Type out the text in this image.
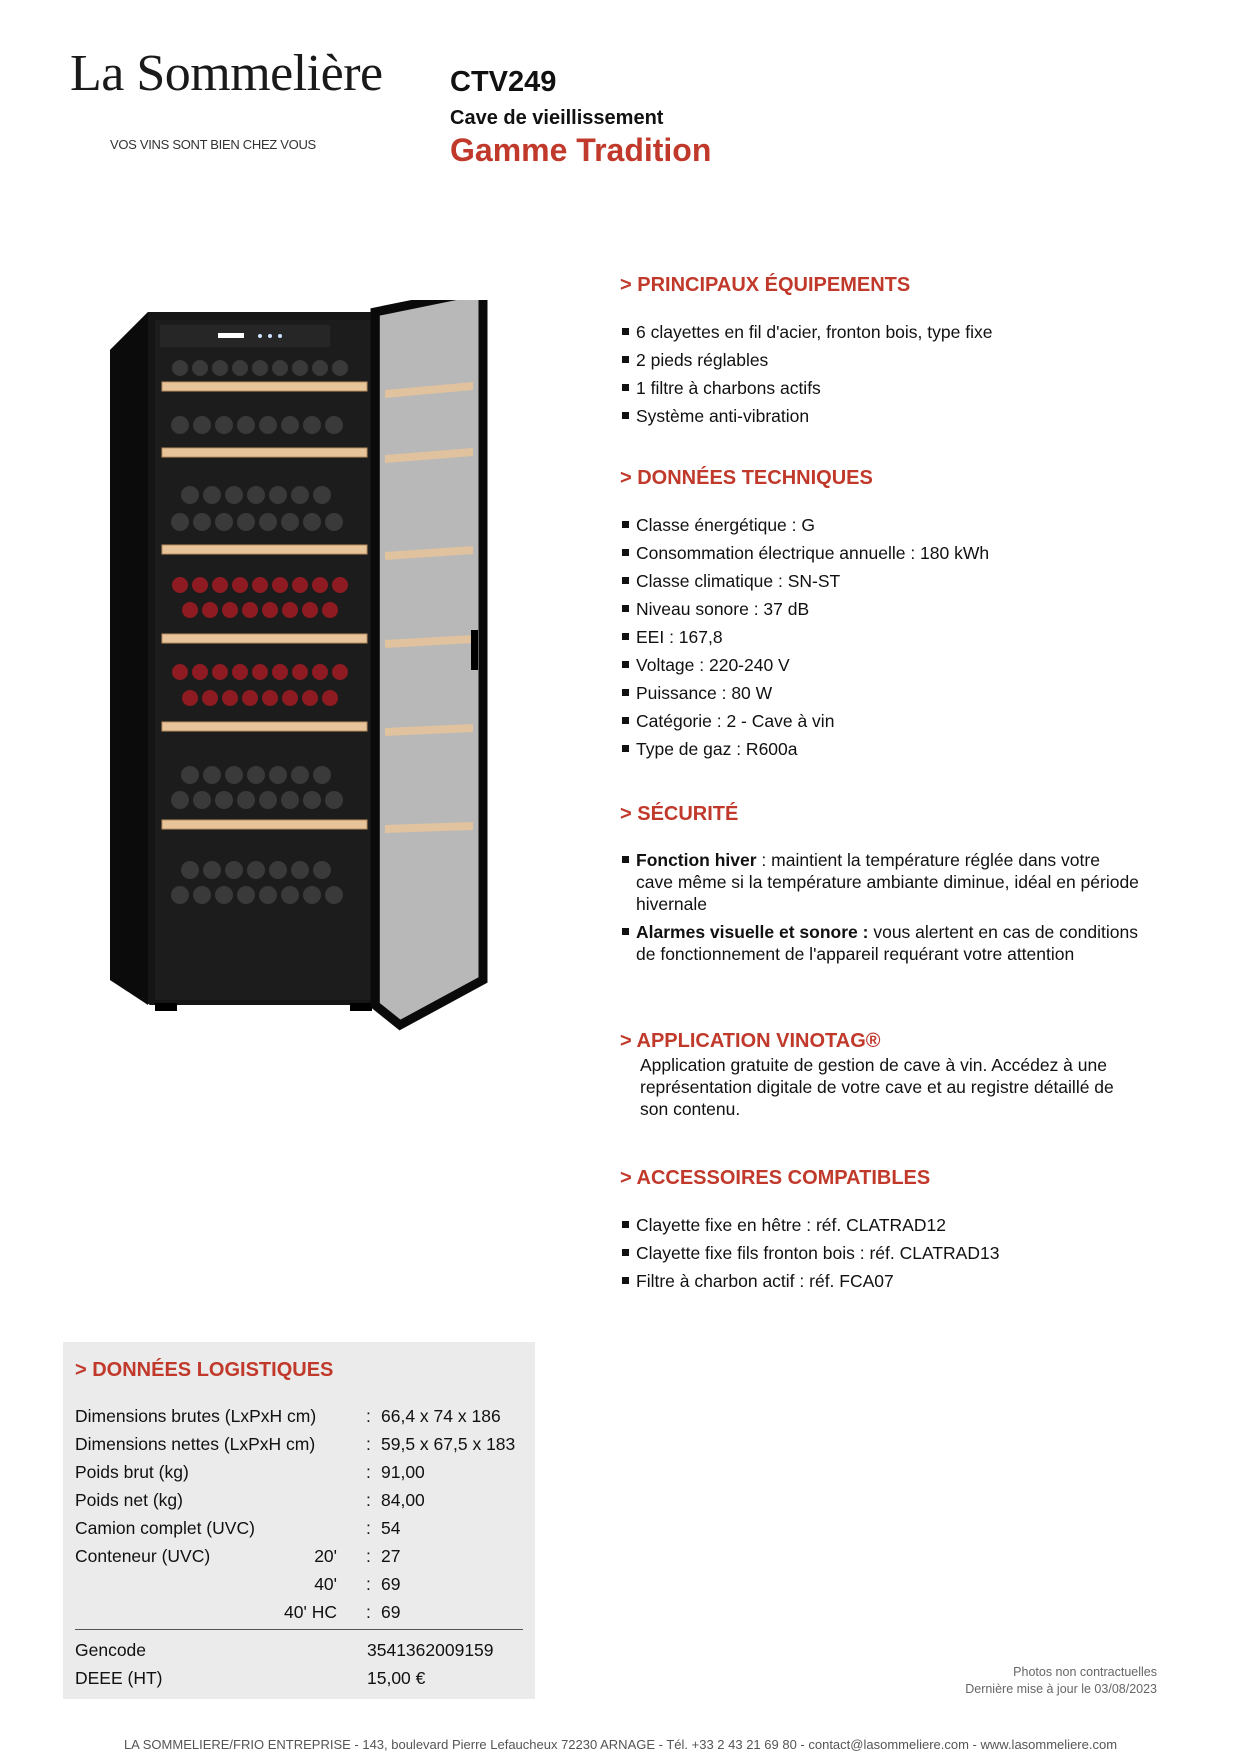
La Sommelière
VOS VINS SONT BIEN CHEZ VOUS
CTV249
Cave de vieillissement
Gamme Tradition
> PRINCIPAUX ÉQUIPEMENTS
6 clayettes en fil d'acier, fronton bois, type fixe
2 pieds réglables
1 filtre à charbons actifs
Système anti-vibration
> DONNÉES TECHNIQUES
Classe énergétique : G
Consommation électrique annuelle : 180 kWh
Classe climatique : SN-ST
Niveau sonore : 37 dB
EEI : 167,8
Voltage : 220-240 V
Puissance : 80 W
Catégorie : 2 - Cave à vin
Type de gaz : R600a
> SÉCURITÉ
Fonction hiver : maintient la température réglée dans votre cave même si la température ambiante diminue, idéal en période hivernale
Alarmes visuelle et sonore : vous alertent en cas de conditions de fonctionnement de l'appareil requérant votre attention
> APPLICATION VINOTAG®
Application gratuite de gestion de cave à vin. Accédez à une représentation digitale de votre cave et au registre détaillé de son contenu.
> ACCESSOIRES COMPATIBLES
Clayette fixe en hêtre : réf. CLATRAD12
Clayette fixe fils fronton bois : réf. CLATRAD13
Filtre à charbon actif : réf. FCA07
> DONNÉES LOGISTIQUES
Dimensions brutes (LxPxH cm)	: 66,4 x 74 x 186
Dimensions nettes (LxPxH cm)	: 59,5 x 67,5 x 183
Poids brut (kg)	: 91,00
Poids net (kg)	: 84,00
Camion complet (UVC)	: 54
Conteneur (UVC)	20' : 27
40' : 69
40' HC : 69
Gencode	3541362009159
DEEE (HT)	15,00 €	Photos non contractuelles
Dernière mise à jour le 03/08/2023
LA SOMMELIERE/FRIO ENTREPRISE - 143, boulevard Pierre Lefaucheux 72230 ARNAGE - Tél. +33 2 43 21 69 80 - contact@lasommeliere.com - www.lasommeliere.com
